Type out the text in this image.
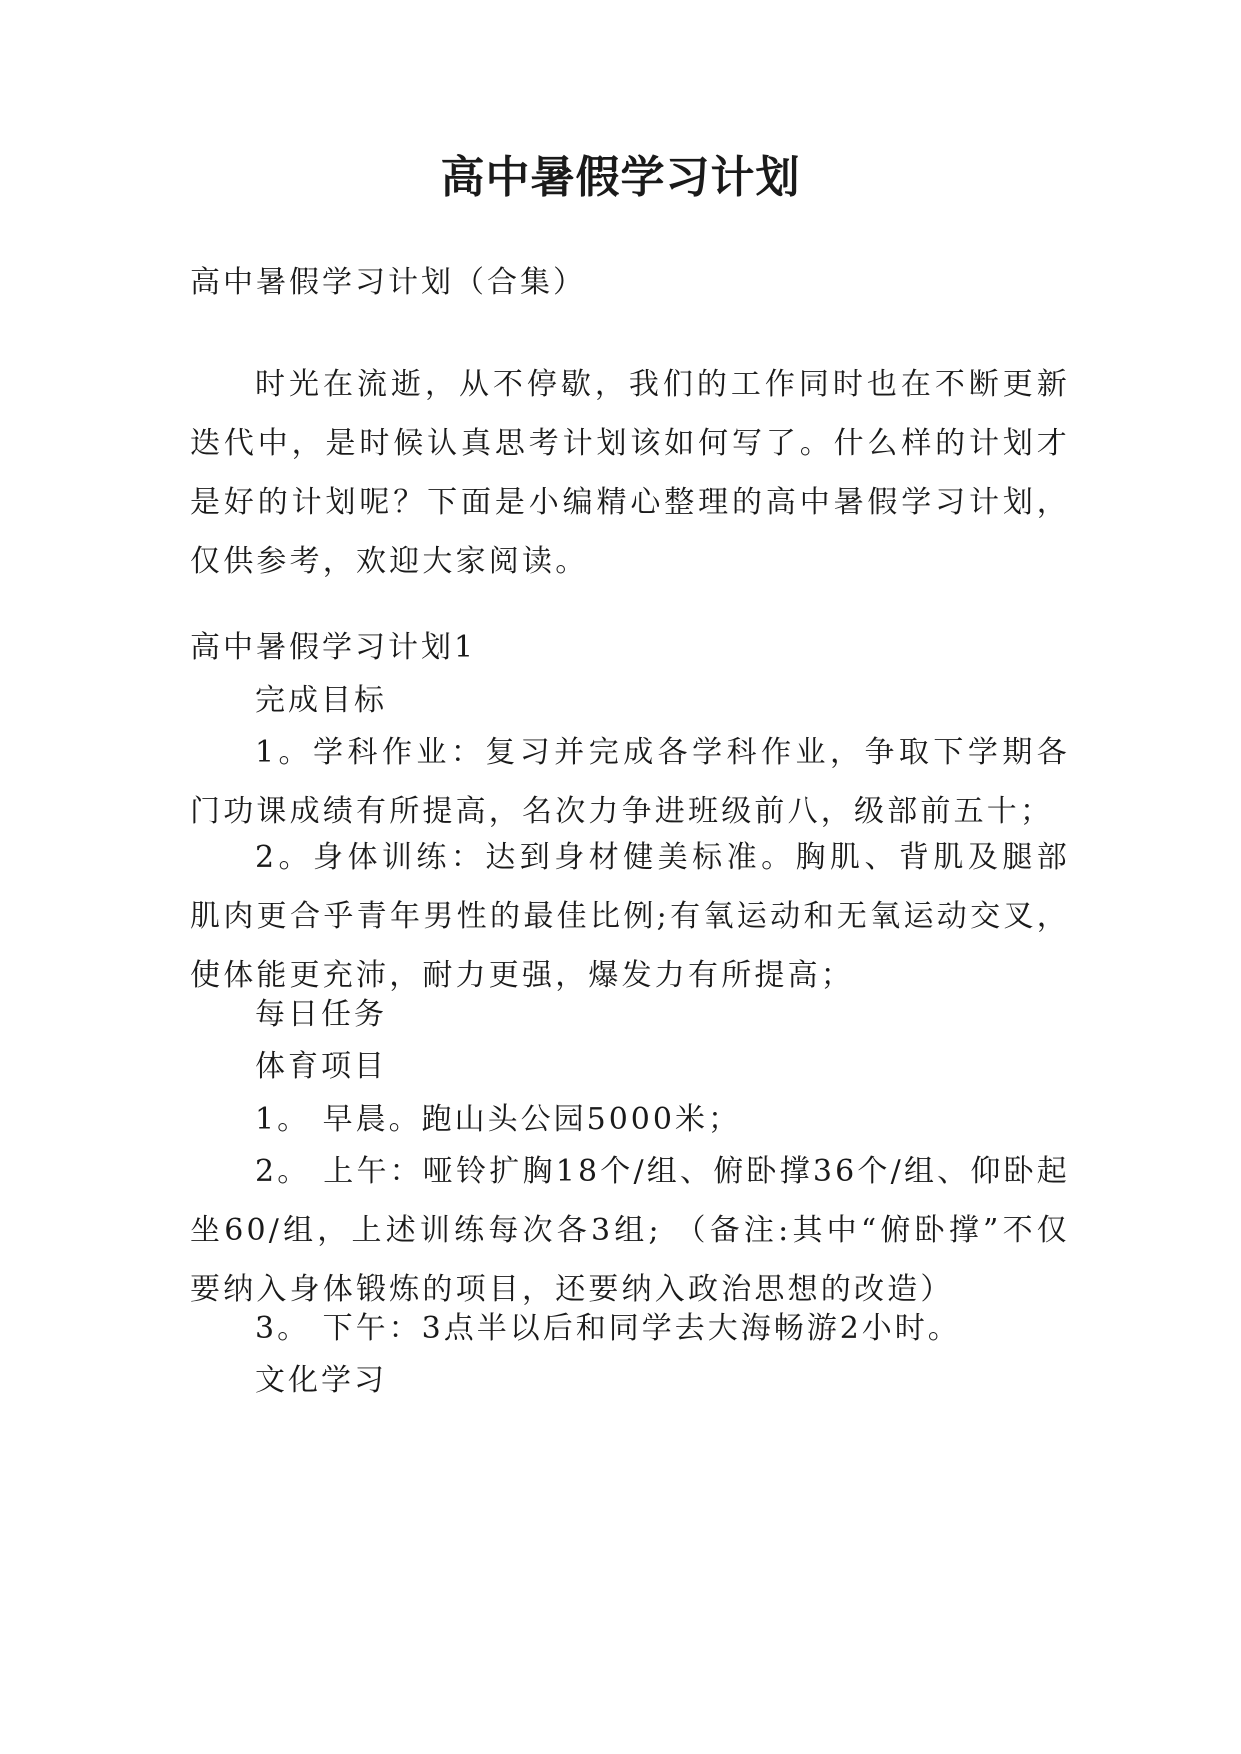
高中暑假学习计划
高中暑假学习计划（合集）
时光在流逝，从不停歇，我们的工作同时也在不断更新迭代中，是时候认真思考计划该如何写了。什么样的计划才是好的计划呢？下面是小编精心整理的高中暑假学习计划，仅供参考，欢迎大家阅读。
高中暑假学习计划1
完成目标
1。学科作业：复习并完成各学科作业，争取下学期各门功课成绩有所提高，名次力争进班级前八，级部前五十；
2。身体训练：达到身材健美标准。胸肌、背肌及腿部肌肉更合乎青年男性的最佳比例;有氧运动和无氧运动交叉，使体能更充沛，耐力更强，爆发力有所提高；
每日任务
体育项目
1。 早晨。跑山头公园5000米；
2。 上午：哑铃扩胸18个/组、俯卧撑36个/组、仰卧起坐60/组，上述训练每次各3组; （备注:其中“俯卧撑”不仅要纳入身体锻炼的项目，还要纳入政治思想的改造）
3。 下午：3点半以后和同学去大海畅游2小时。
文化学习
